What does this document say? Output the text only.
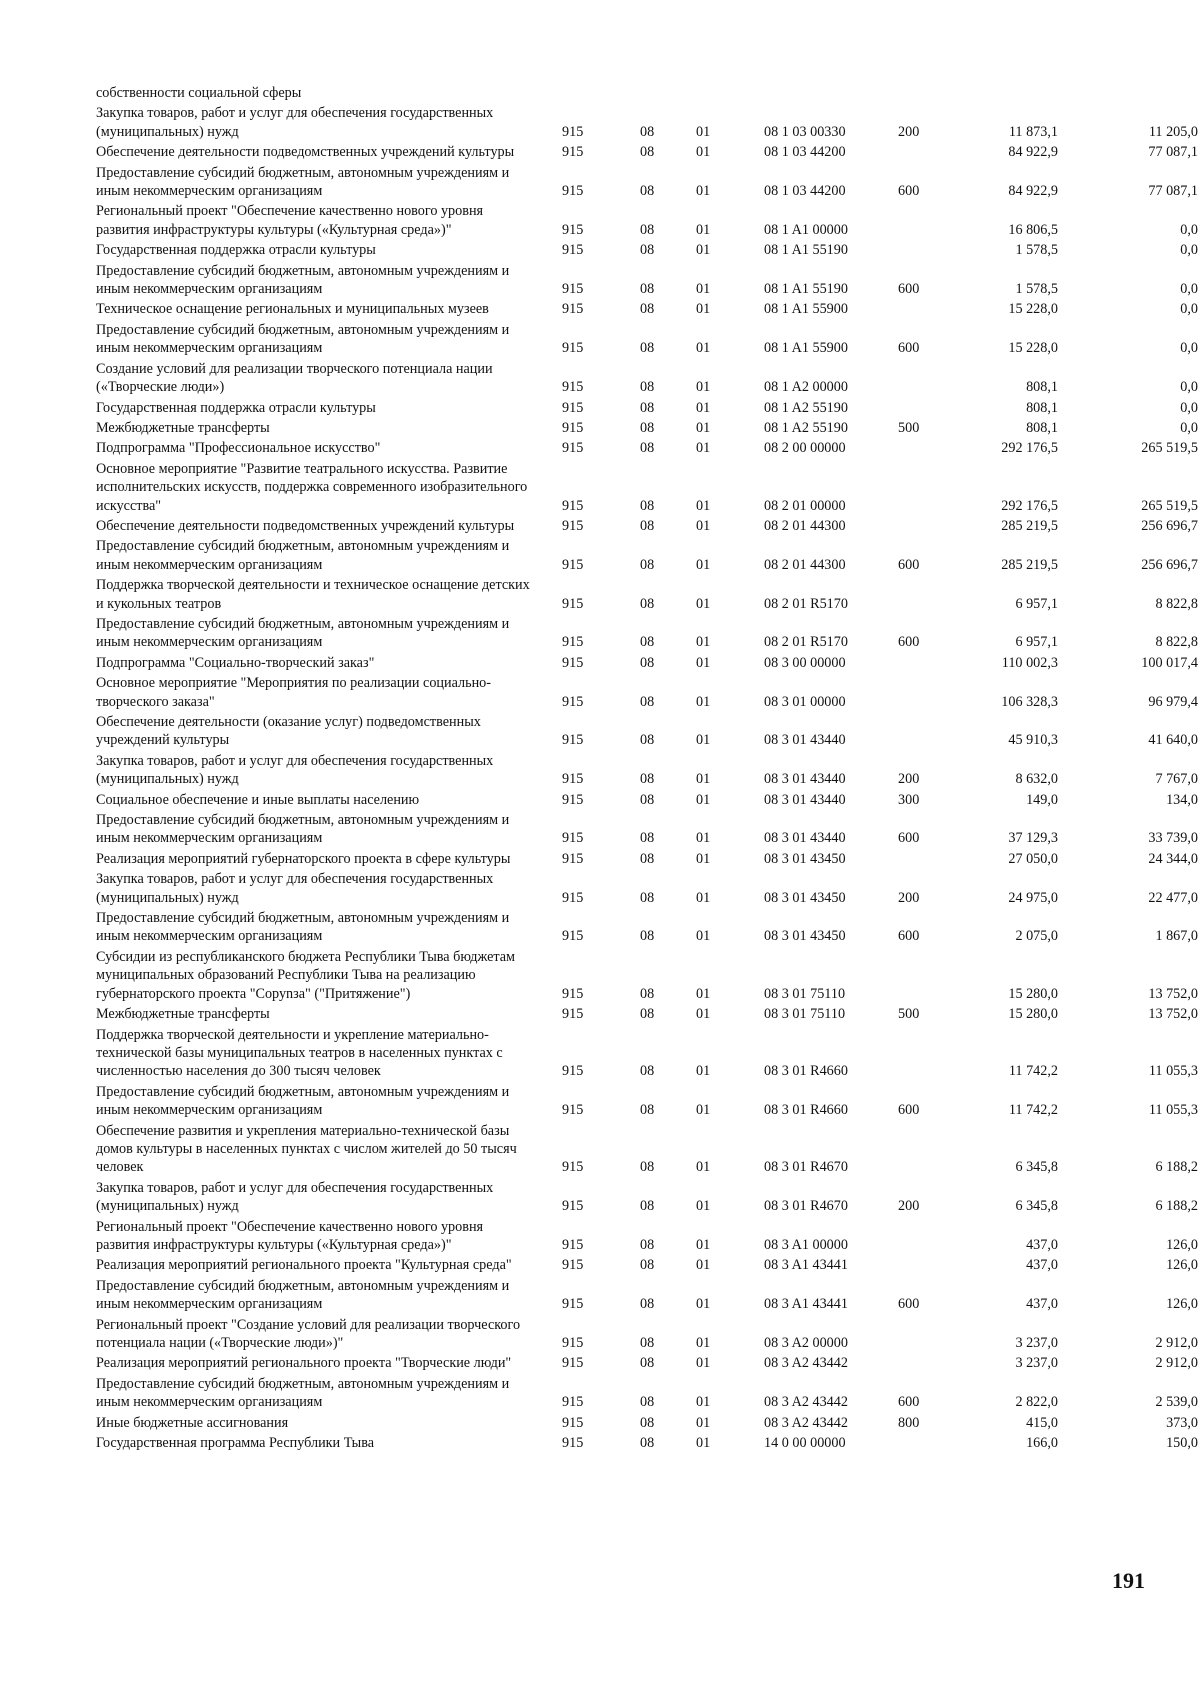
собственности социальной сферы							
Закупка товаров, работ и услуг для обеспечения государственных (муниципальных) нужд	915	08	01	08 1 03 00330	200	11 873,1	11 205,0
Обеспечение деятельности подведомственных учреждений культуры	915	08	01	08 1 03 44200		84 922,9	77 087,1
Предоставление субсидий бюджетным, автономным учреждениям и иным некоммерческим организациям	915	08	01	08 1 03 44200	600	84 922,9	77 087,1
Региональный проект "Обеспечение качественно нового уровня развития инфраструктуры культуры («Культурная среда»)"	915	08	01	08 1 A1 00000		16 806,5	0,0
Государственная поддержка отрасли культуры	915	08	01	08 1 A1 55190		1 578,5	0,0
Предоставление субсидий бюджетным, автономным учреждениям и иным некоммерческим организациям	915	08	01	08 1 A1 55190	600	1 578,5	0,0
Техническое оснащение региональных и муниципальных музеев	915	08	01	08 1 A1 55900		15 228,0	0,0
Предоставление субсидий бюджетным, автономным учреждениям и иным некоммерческим организациям	915	08	01	08 1 A1 55900	600	15 228,0	0,0
Создание условий для реализации творческого потенциала нации («Творческие люди»)	915	08	01	08 1 A2 00000		808,1	0,0
Государственная поддержка отрасли культуры	915	08	01	08 1 A2 55190		808,1	0,0
Межбюджетные трансферты	915	08	01	08 1 A2 55190	500	808,1	0,0
Подпрограмма "Профессиональное искусство"	915	08	01	08 2 00 00000		292 176,5	265 519,5
Основное мероприятие "Развитие театрального искусства. Развитие исполнительских искусств, поддержка современного изобразительного искусства"	915	08	01	08 2 01 00000		292 176,5	265 519,5
Обеспечение деятельности подведомственных учреждений культуры	915	08	01	08 2 01 44300		285 219,5	256 696,7
Предоставление субсидий бюджетным, автономным учреждениям и иным некоммерческим организациям	915	08	01	08 2 01 44300	600	285 219,5	256 696,7
Поддержка творческой деятельности и техническое оснащение детских и кукольных театров	915	08	01	08 2 01 R5170		6 957,1	8 822,8
Предоставление субсидий бюджетным, автономным учреждениям и иным некоммерческим организациям	915	08	01	08 2 01 R5170	600	6 957,1	8 822,8
Подпрограмма "Социально-творческий заказ"	915	08	01	08 3 00 00000		110 002,3	100 017,4
Основное мероприятие "Мероприятия по реализации социально-творческого заказа"	915	08	01	08 3 01 00000		106 328,3	96 979,4
Обеспечение деятельности (оказание услуг) подведомственных учреждений культуры	915	08	01	08 3 01 43440		45 910,3	41 640,0
Закупка товаров, работ и услуг для обеспечения государственных (муниципальных) нужд	915	08	01	08 3 01 43440	200	8 632,0	7 767,0
Социальное обеспечение и иные выплаты населению	915	08	01	08 3 01 43440	300	149,0	134,0
Предоставление субсидий бюджетным, автономным учреждениям и иным некоммерческим организациям	915	08	01	08 3 01 43440	600	37 129,3	33 739,0
Реализация мероприятий губернаторского проекта в сфере культуры	915	08	01	08 3 01 43450		27 050,0	24 344,0
Закупка товаров, работ и услуг для обеспечения государственных (муниципальных) нужд	915	08	01	08 3 01 43450	200	24 975,0	22 477,0
Предоставление субсидий бюджетным, автономным учреждениям и иным некоммерческим организациям	915	08	01	08 3 01 43450	600	2 075,0	1 867,0
Субсидии из республиканского бюджета Республики Тыва бюджетам муниципальных образований Республики Тыва на реализацию губернаторского проекта "Соруnза" ("Притяжение")	915	08	01	08 3 01 75110		15 280,0	13 752,0
Межбюджетные трансферты	915	08	01	08 3 01 75110	500	15 280,0	13 752,0
Поддержка творческой деятельности и укрепление материально-технической базы муниципальных театров в населенных пунктах с численностью населения до 300 тысяч человек	915	08	01	08 3 01 R4660		11 742,2	11 055,3
Предоставление субсидий бюджетным, автономным учреждениям и иным некоммерческим организациям	915	08	01	08 3 01 R4660	600	11 742,2	11 055,3
Обеспечение развития и укрепления материально-технической базы домов культуры в населенных пунктах с числом жителей до 50 тысяч человек	915	08	01	08 3 01 R4670		6 345,8	6 188,2
Закупка товаров, работ и услуг для обеспечения государственных (муниципальных) нужд	915	08	01	08 3 01 R4670	200	6 345,8	6 188,2
Региональный проект "Обеспечение качественно нового уровня развития инфраструктуры культуры («Культурная среда»)"	915	08	01	08 3 A1 00000		437,0	126,0
Реализация мероприятий регионального проекта "Культурная среда"	915	08	01	08 3 A1 43441		437,0	126,0
Предоставление субсидий бюджетным, автономным учреждениям и иным некоммерческим организациям	915	08	01	08 3 A1 43441	600	437,0	126,0
Региональный проект "Создание условий для реализации творческого потенциала нации («Творческие люди»)"	915	08	01	08 3 A2 00000		3 237,0	2 912,0
Реализация мероприятий регионального проекта "Творческие люди"	915	08	01	08 3 A2 43442		3 237,0	2 912,0
Предоставление субсидий бюджетным, автономным учреждениям и иным некоммерческим организациям	915	08	01	08 3 A2 43442	600	2 822,0	2 539,0
Иные бюджетные ассигнования	915	08	01	08 3 A2 43442	800	415,0	373,0
Государственная программа Республики Тыва	915	08	01	14 0 00 00000		166,0	150,0
191
